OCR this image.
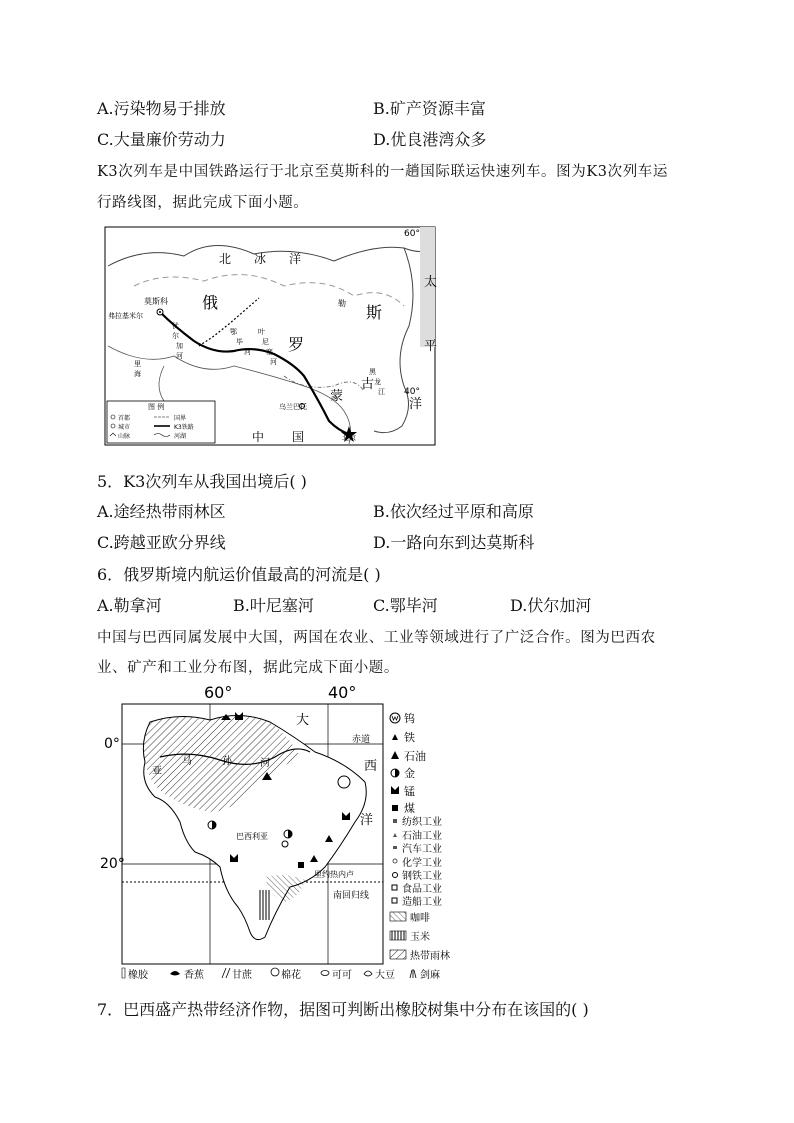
A.污染物易于排放	B.矿产资源丰富
C.大量廉价劳动力	D.优良港湾众多
K3次列车是中国铁路运行于北京至莫斯科的一趟国际联运快速列车。图为K3次列车运
行路线图，据此完成下面小题。
60°
40°
北 冰 洋
太
平
洋
俄
罗
斯
蒙
古
中 国
莫斯科
弗拉基米尔
乌兰巴托
北京
勒
伏
尔
加
河
鄂
毕
河
叶
尼
塞
河
黑
龙
江
里
海
图 例
首都
城市
山脉
国界
K3铁路
河湖
5．K3次列车从我国出境后( )
A.途经热带雨林区	B.依次经过平原和高原
C.跨越亚欧分界线	D.一路向东到达莫斯科
6．俄罗斯境内航运价值最高的河流是( )
A.勒拿河	B.叶尼塞河	C.鄂毕河	D.伏尔加河
中国与巴西同属发展中大国，两国在农业、工业等领域进行了广泛合作。图为巴西农
业、矿产和工业分布图，据此完成下面小题。
60°	40°
0°
20°
大
西
洋
赤道
南回归线
巴西利亚
里约热内卢
亚
马	孙	河
钨
铁
石油
金
锰
煤
纺织工业
石油工业
汽车工业
化学工业
钢铁工业
食品工业
造船工业
咖啡
玉米
热带雨林
橡胶	香蕉	甘蔗	棉花	可可 大豆	剑麻
7．巴西盛产热带经济作物，据图可判断出橡胶树集中分布在该国的( )
